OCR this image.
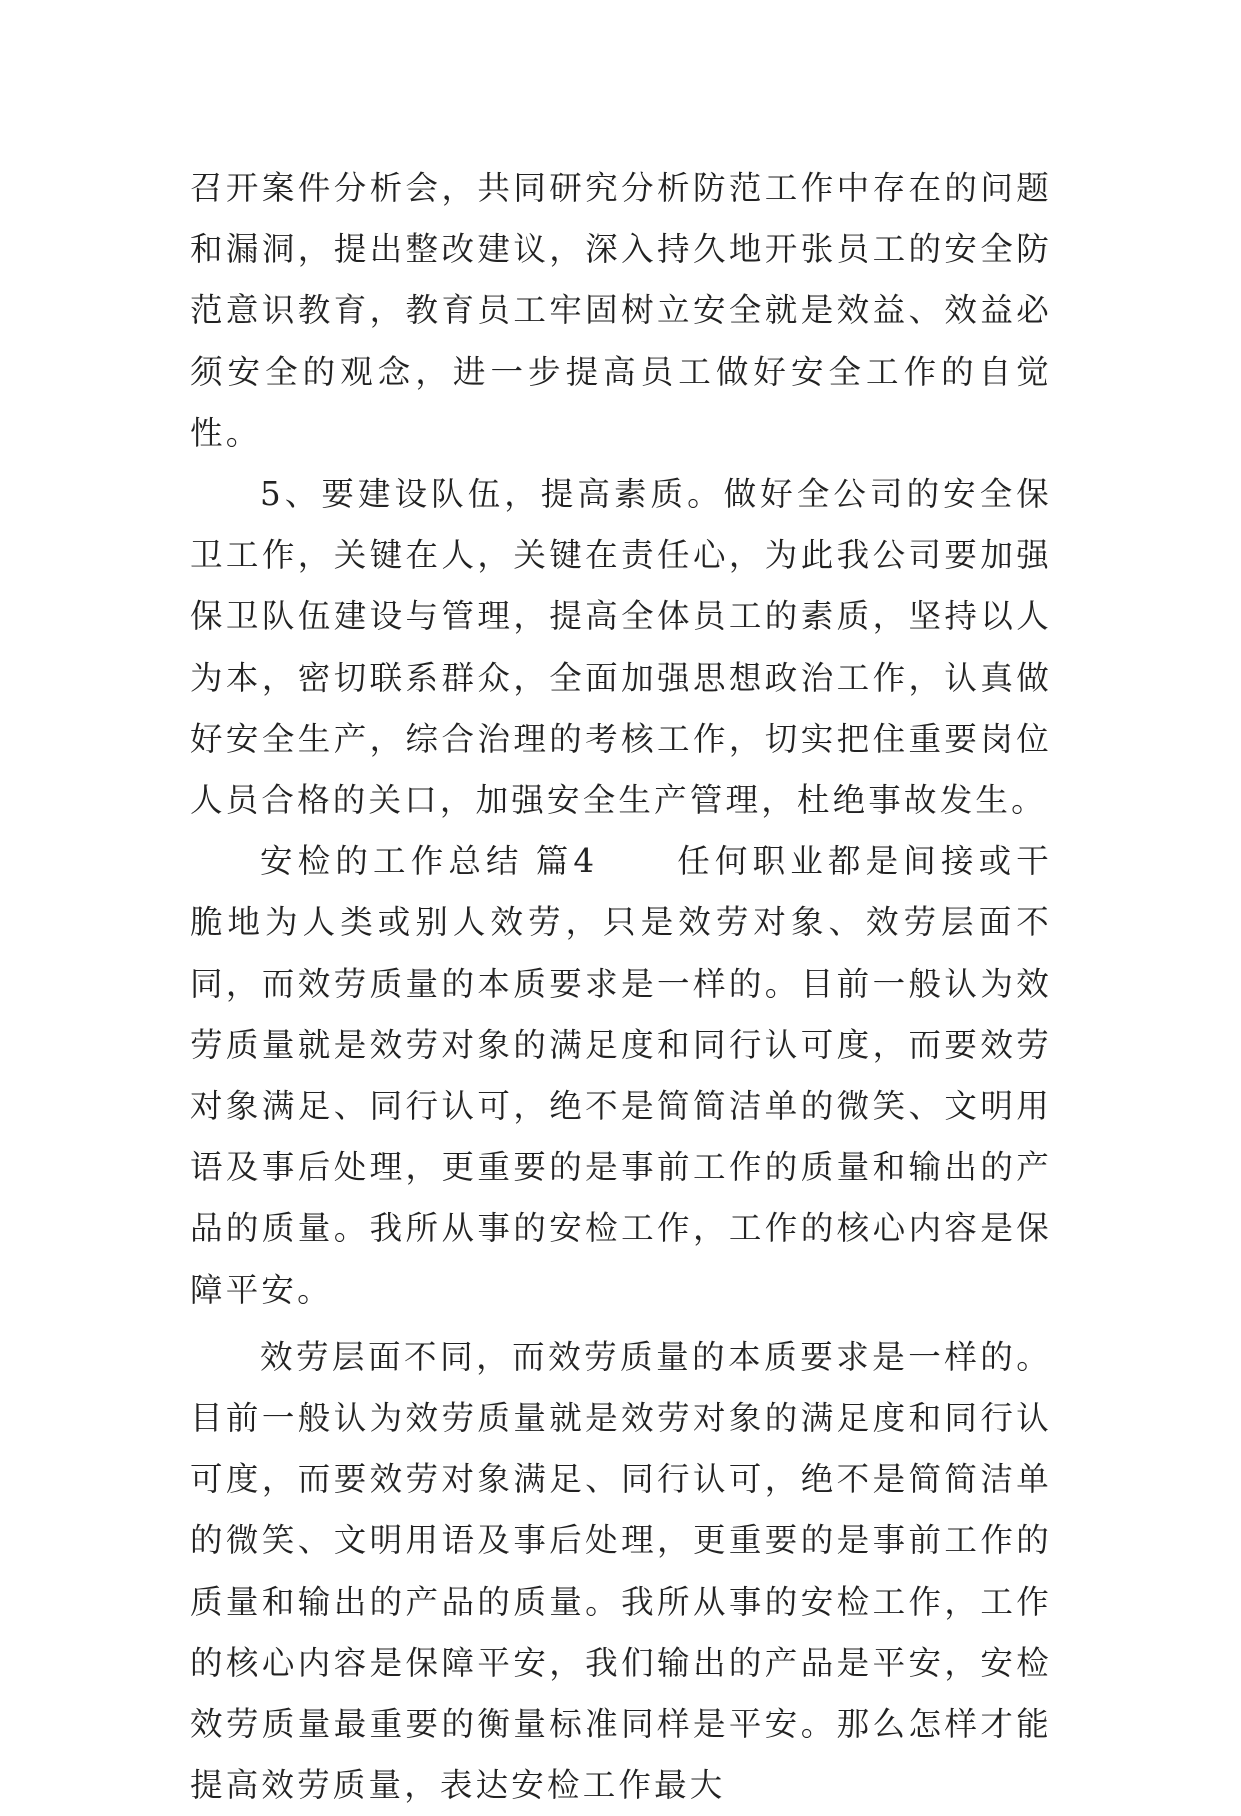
召开案件分析会，共同研究分析防范工作中存在的问题和漏洞，提出整改建议，深入持久地开张员工的安全防范意识教育，教育员工牢固树立安全就是效益、效益必须安全的观念，进一步提高员工做好安全工作的自觉性。

5、要建设队伍，提高素质。做好全公司的安全保卫工作，关键在人，关键在责任心，为此我公司要加强保卫队伍建设与管理，提高全体员工的素质，坚持以人为本，密切联系群众，全面加强思想政治工作，认真做好安全生产，综合治理的考核工作，切实把住重要岗位人员合格的关口，加强安全生产管理，杜绝事故发生。

安检的工作总结 篇4 任何职业都是间接或干脆地为人类或别人效劳，只是效劳对象、效劳层面不同，而效劳质量的本质要求是一样的。目前一般认为效劳质量就是效劳对象的满足度和同行认可度，而要效劳对象满足、同行认可，绝不是简简洁单的微笑、文明用语及事后处理，更重要的是事前工作的质量和输出的产品的质量。我所从事的安检工作，工作的核心内容是保障平安。

效劳层面不同，而效劳质量的本质要求是一样的。目前一般认为效劳质量就是效劳对象的满足度和同行认可度，而要效劳对象满足、同行认可，绝不是简简洁单的微笑、文明用语及事后处理，更重要的是事前工作的质量和输出的产品的质量。我所从事的安检工作，工作的核心内容是保障平安，我们输出的产品是平安，安检效劳质量最重要的衡量标准同样是平安。那么怎样才能提高效劳质量，表达安检工作最大
